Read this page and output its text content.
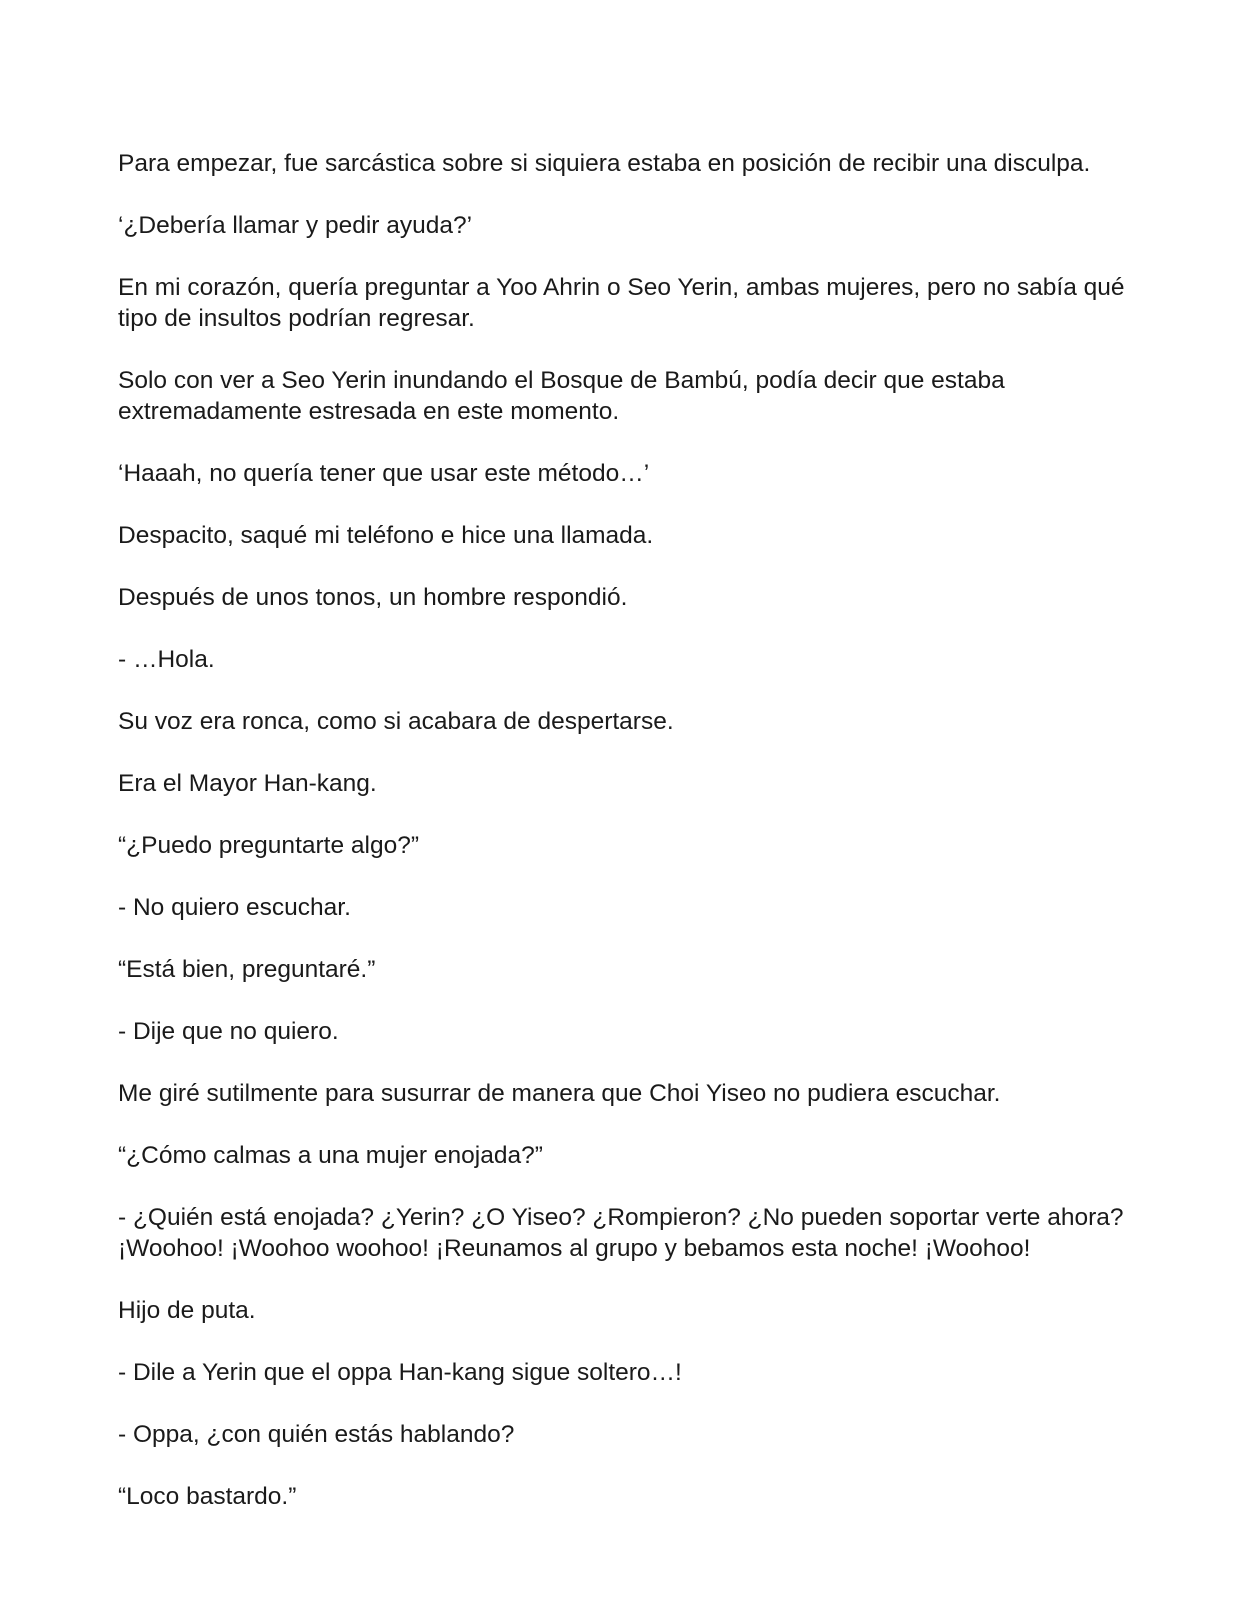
Para empezar, fue sarcástica sobre si siquiera estaba en posición de recibir una disculpa.

‘¿Debería llamar y pedir ayuda?’

En mi corazón, quería preguntar a Yoo Ahrin o Seo Yerin, ambas mujeres, pero no sabía qué tipo de insultos podrían regresar.

Solo con ver a Seo Yerin inundando el Bosque de Bambú, podía decir que estaba extremadamente estresada en este momento.

‘Haaah, no quería tener que usar este método…’

Despacito, saqué mi teléfono e hice una llamada.

Después de unos tonos, un hombre respondió.

- …Hola.

Su voz era ronca, como si acabara de despertarse.

Era el Mayor Han-kang.

“¿Puedo preguntarte algo?”

- No quiero escuchar.

“Está bien, preguntaré.”

- Dije que no quiero.

Me giré sutilmente para susurrar de manera que Choi Yiseo no pudiera escuchar.

“¿Cómo calmas a una mujer enojada?”

- ¿Quién está enojada? ¿Yerin? ¿O Yiseo? ¿Rompieron? ¿No pueden soportar verte ahora? ¡Woohoo! ¡Woohoo woohoo! ¡Reunamos al grupo y bebamos esta noche! ¡Woohoo!

Hijo de puta.

- Dile a Yerin que el oppa Han-kang sigue soltero…!

- Oppa, ¿con quién estás hablando?

“Loco bastardo.”
